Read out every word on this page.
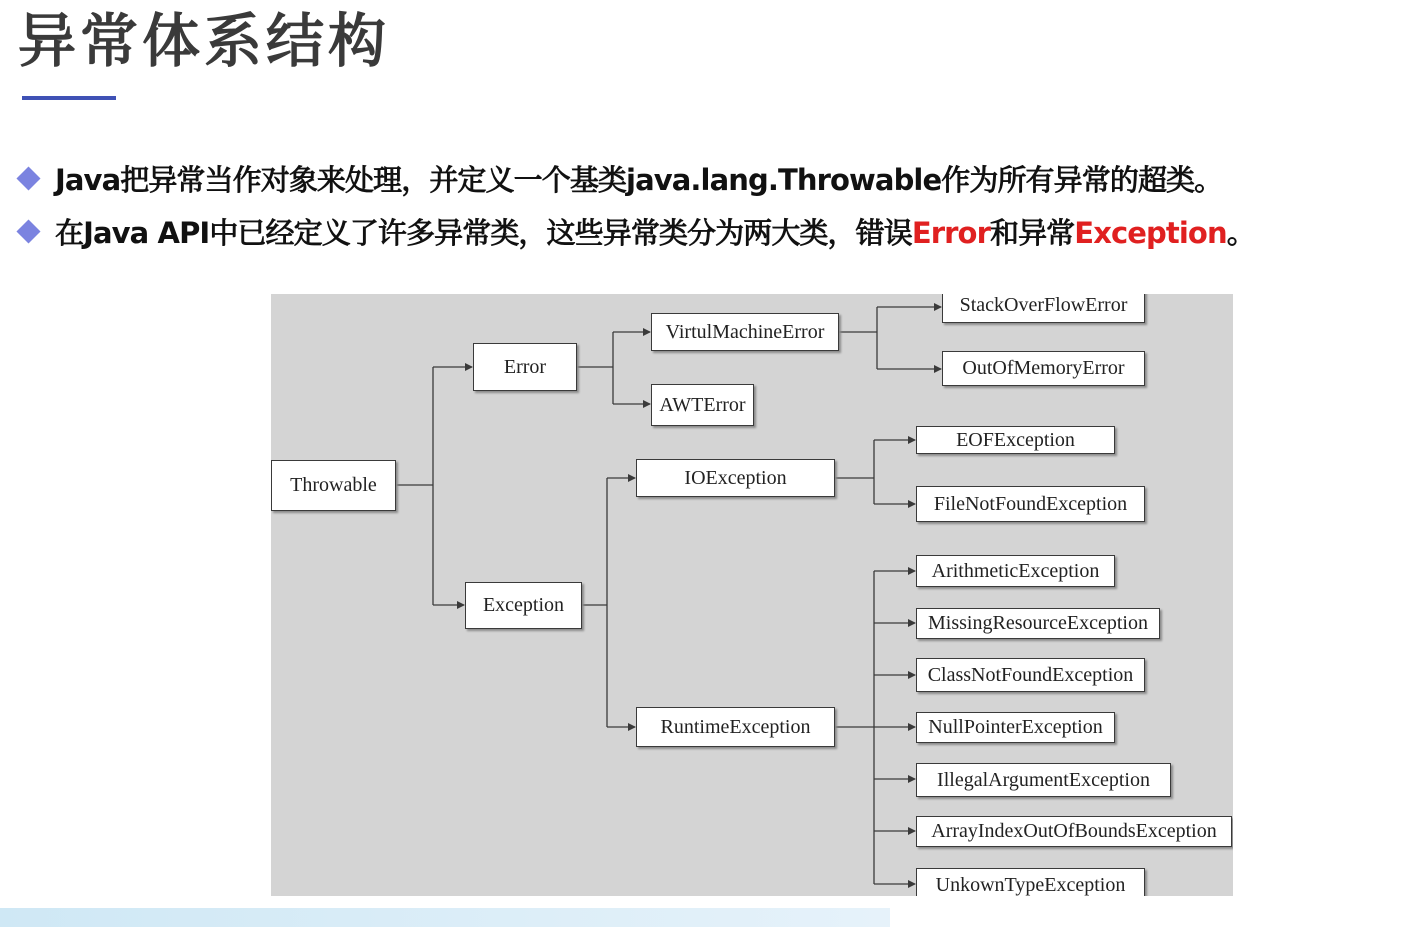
异常体系结构
Java把异常当作对象来处理，并定义一个基类java.lang.Throwable作为所有异常的超类。
在Java API中已经定义了许多异常类，这些异常类分为两大类，错误Error和异常Exception。
Throwable
Error
Exception
VirtulMachineError
AWTError
StackOverFlowError
OutOfMemoryError
IOException
RuntimeException
EOFException
FileNotFoundException
ArithmeticException
MissingResourceException
ClassNotFoundException
NullPointerException
IllegalArgumentException
ArrayIndexOutOfBoundsException
UnkownTypeException
